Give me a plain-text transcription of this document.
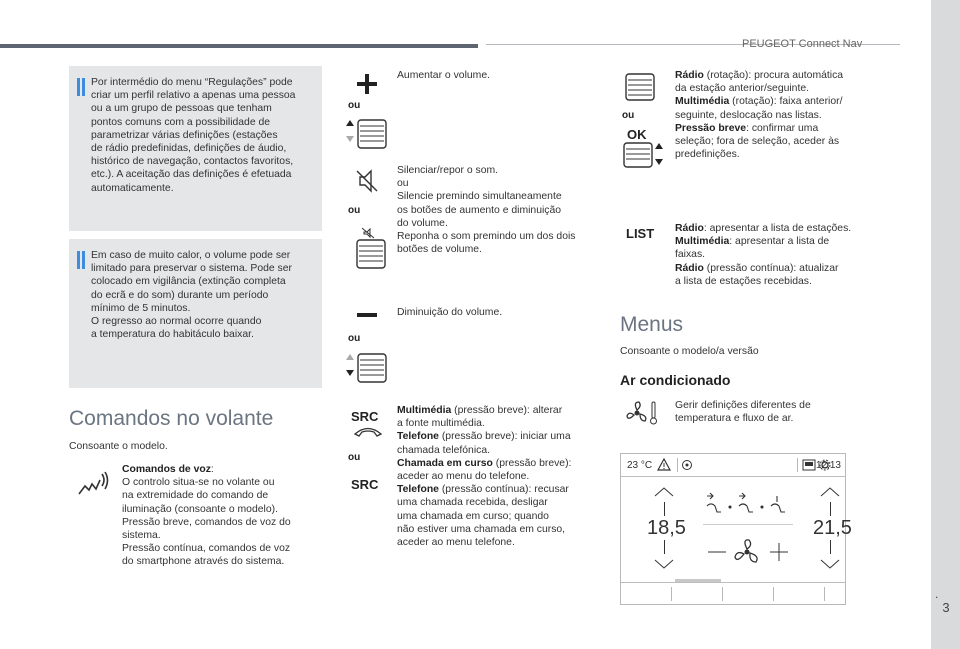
PEUGEOT Connect Nav
.
3

Por intermédio do menu “Regulações” pode
criar um perfil relativo a apenas uma pessoa
ou a um grupo de pessoas que tenham
pontos comuns com a possibilidade de
parametrizar várias definições (estações
de rádio predefinidas, definições de áudio,
histórico de navegação, contactos favoritos,
etc.). A aceitação das definições é efetuada
automaticamente.

Em caso de muito calor, o volume pode ser
limitado para preservar o sistema. Pode ser
colocado em vigilância (extinção completa
do ecrã e do som) durante um período
mínimo de 5 minutos.
O regresso ao normal ocorre quando
a temperatura do habitáculo baixar.

Comandos no volante
Consoante o modelo.
Comandos de voz:
O controlo situa-se no volante ou
na extremidade do comando de
iluminação (consoante o modelo).
Pressão breve, comandos de voz do
sistema.
Pressão contínua, comandos de voz
do smartphone através do sistema.
ou
Aumentar o volume.
ou
Silenciar/repor o som.
ou
Silencie premindo simultaneamente
os botões de aumento e diminuição
do volume.
Reponha o som premindo um dos dois
botões de volume.
ou
Diminuição do volume.
SRC
ou
SRC
Multimédia (pressão breve): alterar
a fonte multimédia.
Telefone (pressão breve): iniciar uma
chamada telefónica.
Chamada em curso (pressão breve):
aceder ao menu do telefone.
Telefone (pressão contínua): recusar
uma chamada recebida, desligar
uma chamada em curso; quando
não estiver uma chamada em curso,
aceder ao menu telefone.
ou
OK
Rádio (rotação): procura automática
da estação anterior/seguinte.
Multimédia (rotação): faixa anterior/
seguinte, deslocação nas listas.
Pressão breve: confirmar uma
seleção; fora de seleção, aceder às
predefinições.
LIST Rádio: apresentar a lista de estações.
Multimédia: apresentar a lista de
faixas.
Rádio (pressão contínua): atualizar
a lista de estações recebidas.
Menus
Consoante o modelo/a versão
Ar condicionado
Gerir definições diferentes de
temperatura e fluxo de ar.
23 °C	12:13
18,5	21,5
